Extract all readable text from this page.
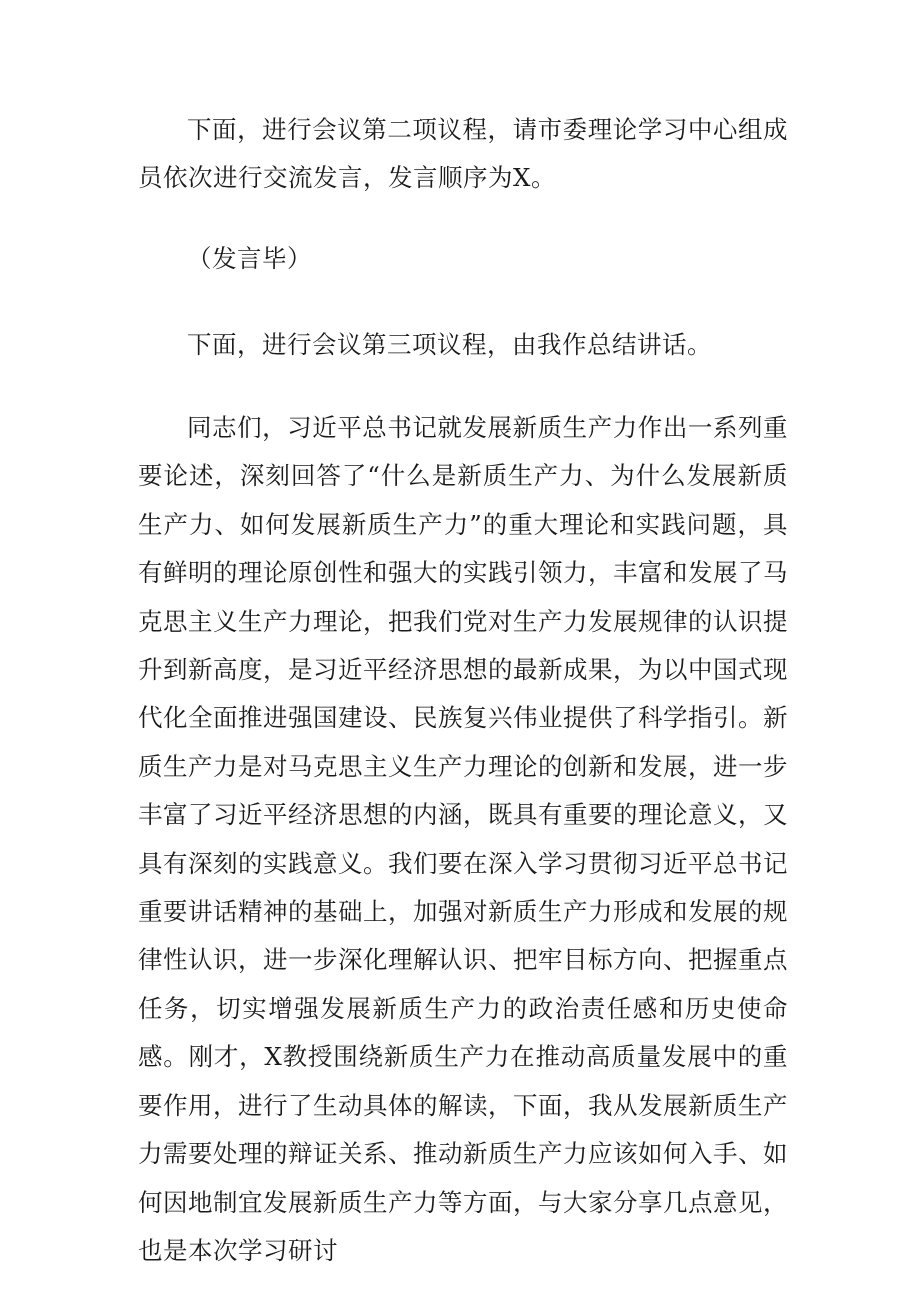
下面，进行会议第二项议程，请市委理论学习中心组成员依次进行交流发言，发言顺序为X。

（发言毕）

下面，进行会议第三项议程，由我作总结讲话。

同志们，习近平总书记就发展新质生产力作出一系列重要论述，深刻回答了“什么是新质生产力、为什么发展新质生产力、如何发展新质生产力”的重大理论和实践问题，具有鲜明的理论原创性和强大的实践引领力，丰富和发展了马克思主义生产力理论，把我们党对生产力发展规律的认识提升到新高度，是习近平经济思想的最新成果，为以中国式现代化全面推进强国建设、民族复兴伟业提供了科学指引。新质生产力是对马克思主义生产力理论的创新和发展，进一步丰富了习近平经济思想的内涵，既具有重要的理论意义，又具有深刻的实践意义。我们要在深入学习贯彻习近平总书记重要讲话精神的基础上，加强对新质生产力形成和发展的规律性认识，进一步深化理解认识、把牢目标方向、把握重点任务，切实增强发展新质生产力的政治责任感和历史使命感。刚才，X教授围绕新质生产力在推动高质量发展中的重要作用，进行了生动具体的解读，下面，我从发展新质生产力需要处理的辩证关系、推动新质生产力应该如何入手、如何因地制宜发展新质生产力等方面，与大家分享几点意见，也是本次学习研讨
